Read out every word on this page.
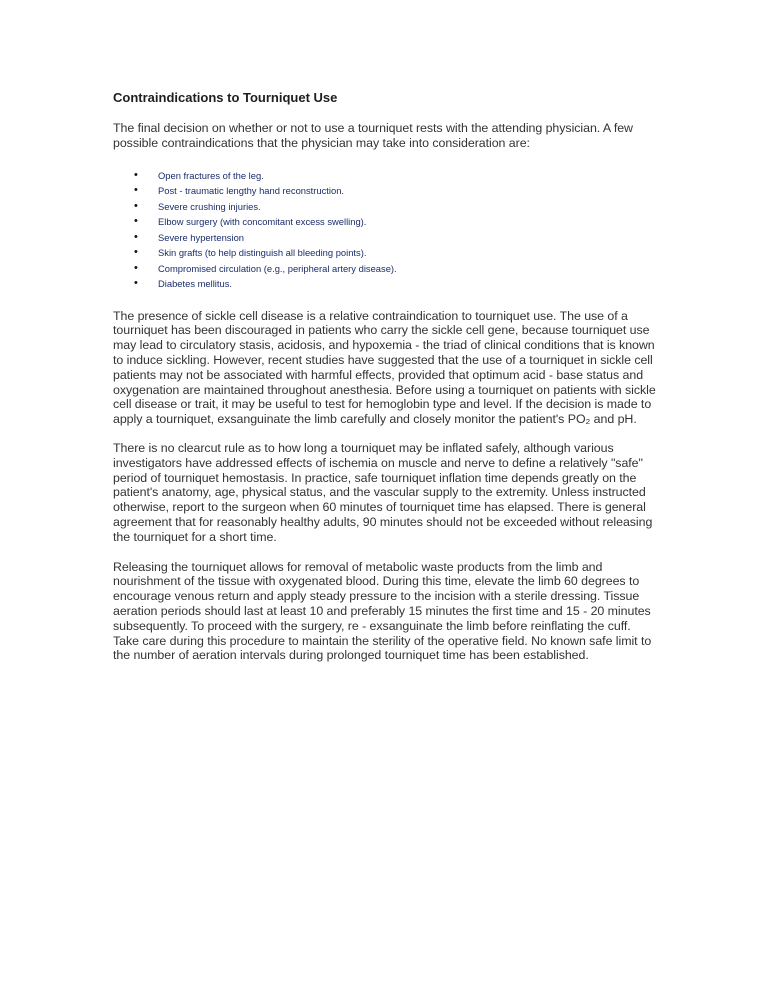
Contraindications to Tourniquet Use

The final decision on whether or not to use a tourniquet rests with the attending physician. A few possible contraindications that the physician may take into consideration are:

• Open fractures of the leg.
• Post - traumatic lengthy hand reconstruction.
• Severe crushing injuries.
• Elbow surgery (with concomitant excess swelling).
• Severe hypertension
• Skin grafts (to help distinguish all bleeding points).
• Compromised circulation (e.g., peripheral artery disease).
• Diabetes mellitus.

The presence of sickle cell disease is a relative contraindication to tourniquet use. The use of a tourniquet has been discouraged in patients who carry the sickle cell gene, because tourniquet use may lead to circulatory stasis, acidosis, and hypoxemia - the triad of clinical conditions that is known to induce sickling. However, recent studies have suggested that the use of a tourniquet in sickle cell patients may not be associated with harmful effects, provided that optimum acid - base status and oxygenation are maintained throughout anesthesia. Before using a tourniquet on patients with sickle cell disease or trait, it may be useful to test for hemoglobin type and level. If the decision is made to apply a tourniquet, exsanguinate the limb carefully and closely monitor the patient's PO₂ and pH.

There is no clearcut rule as to how long a tourniquet may be inflated safely, although various investigators have addressed effects of ischemia on muscle and nerve to define a relatively "safe" period of tourniquet hemostasis. In practice, safe tourniquet inflation time depends greatly on the patient's anatomy, age, physical status, and the vascular supply to the extremity. Unless instructed otherwise, report to the surgeon when 60 minutes of tourniquet time has elapsed. There is general agreement that for reasonably healthy adults, 90 minutes should not be exceeded without releasing the tourniquet for a short time.

Releasing the tourniquet allows for removal of metabolic waste products from the limb and nourishment of the tissue with oxygenated blood. During this time, elevate the limb 60 degrees to encourage venous return and apply steady pressure to the incision with a sterile dressing. Tissue aeration periods should last at least 10 and preferably 15 minutes the first time and 15 - 20 minutes subsequently. To proceed with the surgery, re - exsanguinate the limb before reinflating the cuff. Take care during this procedure to maintain the sterility of the operative field. No known safe limit to the number of aeration intervals during prolonged tourniquet time has been established.
